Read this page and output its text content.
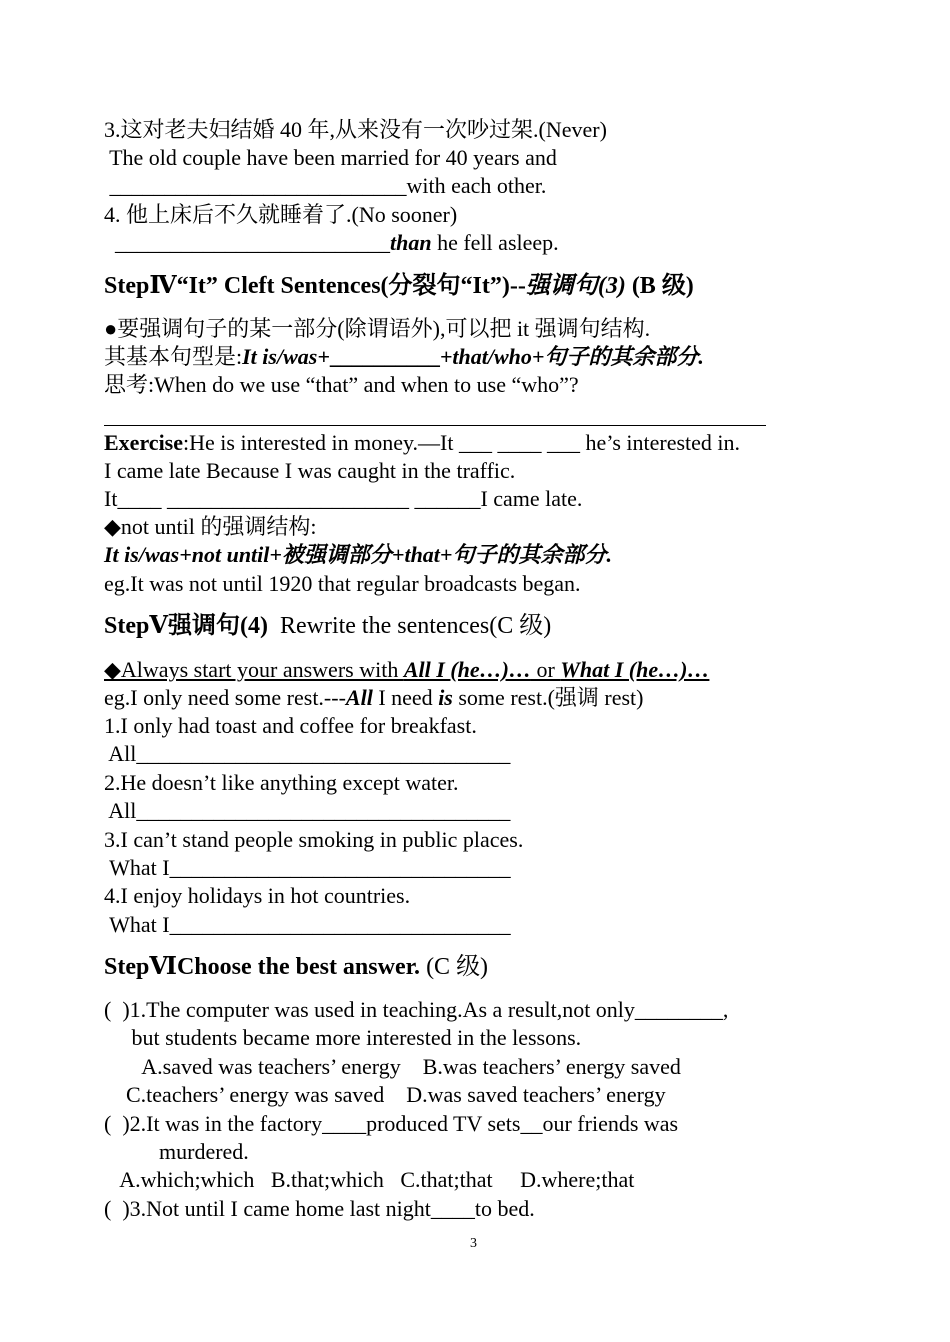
3.这对老夫妇结婚 40 年,从来没有一次吵过架.(Never)
The old couple have been married for 40 years and
___________________________with each other.
4. 他上床后不久就睡着了.(No sooner)
_________________________than he fell asleep.
StepⅣ“It” Cleft Sentences(分裂句“It”)--强调句(3) (B 级)
●要强调句子的某一部分(除谓语外),可以把 it 强调句结构.
其基本句型是:It is/was+__________+that/who+句子的其余部分.
思考:When do we use “that” and when to use “who”?
Exercise:He is interested in money.—It ___ ____ ___ he’s interested in.
I came late Because I was caught in the traffic.
It____ ______________________ ______I came late.
◆not until 的强调结构:
It is/was+not until+被强调部分+that+句子的其余部分.
eg.It was not until 1920 that regular broadcasts began.
StepⅤ强调句(4)  Rewrite the sentences(C 级)
◆Always start your answers with All I (he…)… or What I (he…)…
eg.I only need some rest.---All I need is some rest.(强调 rest)
1.I only had toast and coffee for breakfast.
All__________________________________
2.He doesn’t like anything except water.
All__________________________________
3.I can’t stand people smoking in public places.
What I_______________________________
4.I enjoy holidays in hot countries.
What I_______________________________
StepⅥChoose the best answer. (C 级)
(  )1.The computer was used in teaching.As a result,not only________,
but students became more interested in the lessons.
A.saved was teachers’ energy    B.was teachers’ energy saved
C.teachers’ energy was saved    D.was saved teachers’ energy
(  )2.It was in the factory____produced TV sets__our friends was
murdered.
A.which;which   B.that;which   C.that;that     D.where;that
(  )3.Not until I came home last night____to bed.
3
